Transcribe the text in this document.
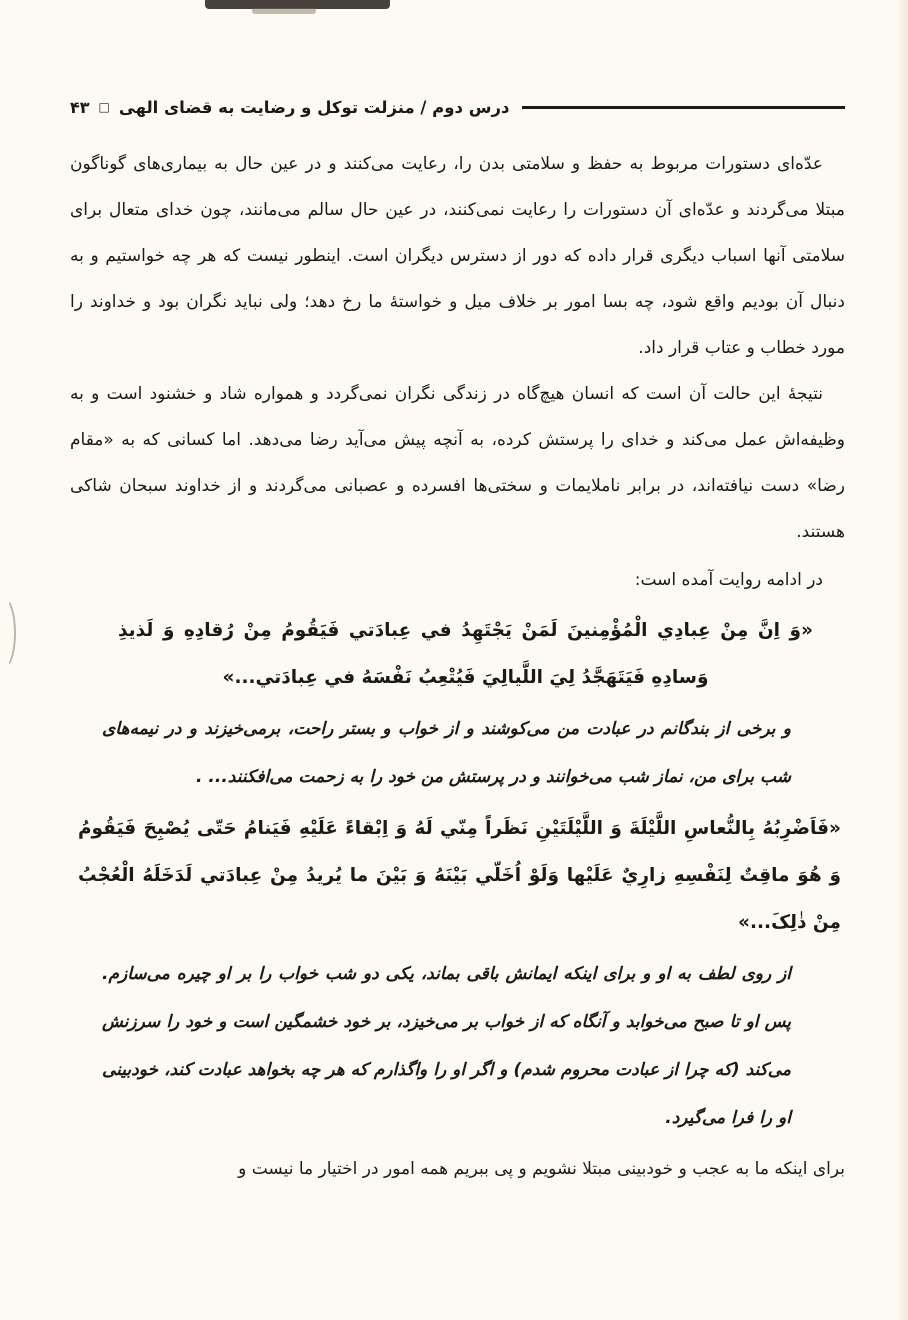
درس دوم / منزلت توکل و رضایت به قضای الهی
□
۴۳

عدّه‌ای دستورات مربوط به حفظ و سلامتی بدن را، رعایت می‌کنند و در عین حال به بیماری‌های گوناگون مبتلا می‌گردند و عدّه‌ای آن دستورات را رعایت نمی‌کنند، در عین حال سالم می‌مانند، چون خدای متعال برای سلامتی آنها اسباب دیگری قرار داده که دور از دسترس دیگران است. اینطور نیست که هر چه خواستیم و به دنبال آن بودیم واقع شود، چه بسا امور بر خلاف میل و خواستهٔ ما رخ دهد؛ ولی نباید نگران بود و خداوند را مورد خطاب و عتاب قرار داد.

نتیجهٔ این حالت آن است که انسان هیچ‌گاه در زندگی نگران نمی‌گردد و همواره شاد و خشنود است و به وظیفه‌اش عمل می‌کند و خدای را پرستش کرده، به آنچه پیش می‌آید رضا می‌دهد. اما کسانی که به «مقام رضا» دست نیافته‌اند، در برابر ناملایمات و سختی‌ها افسرده و عصبانی می‌گردند و از خداوند سبحان شاکی هستند.

در ادامه روایت آمده است:

«وَ اِنَّ مِنْ عِبادِي الْمُؤْمِنينَ لَمَنْ يَجْتَهِدُ في عِبادَتي فَيَقُومُ مِنْ رُقادِهِ وَ لَذيذِ وَسادِهِ فَيَتَهَجَّدُ لِيَ اللَّيالِيَ فَيُتْعِبُ نَفْسَهُ في عِبادَتي...»

و برخی از بندگانم در عبادت من می‌کوشند و از خواب و بستر راحت، برمی‌خیزند و در نیمه‌های شب برای من، نماز شب می‌خوانند و در پرستش من خود را به زحمت می‌افکنند... .

«فَاَضْرِبُهُ بِالنُّعاسِ اللَّيْلَةَ وَ اللَّيْلَتَيْنِ نَظَراً مِنّي لَهُ وَ اِبْقاءً عَلَيْهِ فَيَنامُ حَتّى يُصْبِحَ فَيَقُومُ وَ هُوَ ماقِتٌ لِنَفْسِهِ زارِيٌ عَلَيْها وَلَوْ اُخَلّي بَيْنَهُ وَ بَيْنَ ما يُريدُ مِنْ عِبادَتي لَدَخَلَهُ الْعُجْبُ مِنْ ذٰلِکَ...»

از روی لطف به او و برای اینکه ایمانش باقی بماند، یکی دو شب خواب را بر او چیره می‌سازم. پس او تا صبح می‌خوابد و آنگاه که از خواب بر می‌خیزد، بر خود خشمگین است و خود را سرزنش می‌کند (که چرا از عبادت محروم شدم) و اگر او را واگذارم که هر چه بخواهد عبادت کند، خودبینی او را فرا می‌گیرد.

برای اینکه ما به عجب و خودبینی مبتلا نشویم و پی ببریم همه امور در اختیار ما نیست و
